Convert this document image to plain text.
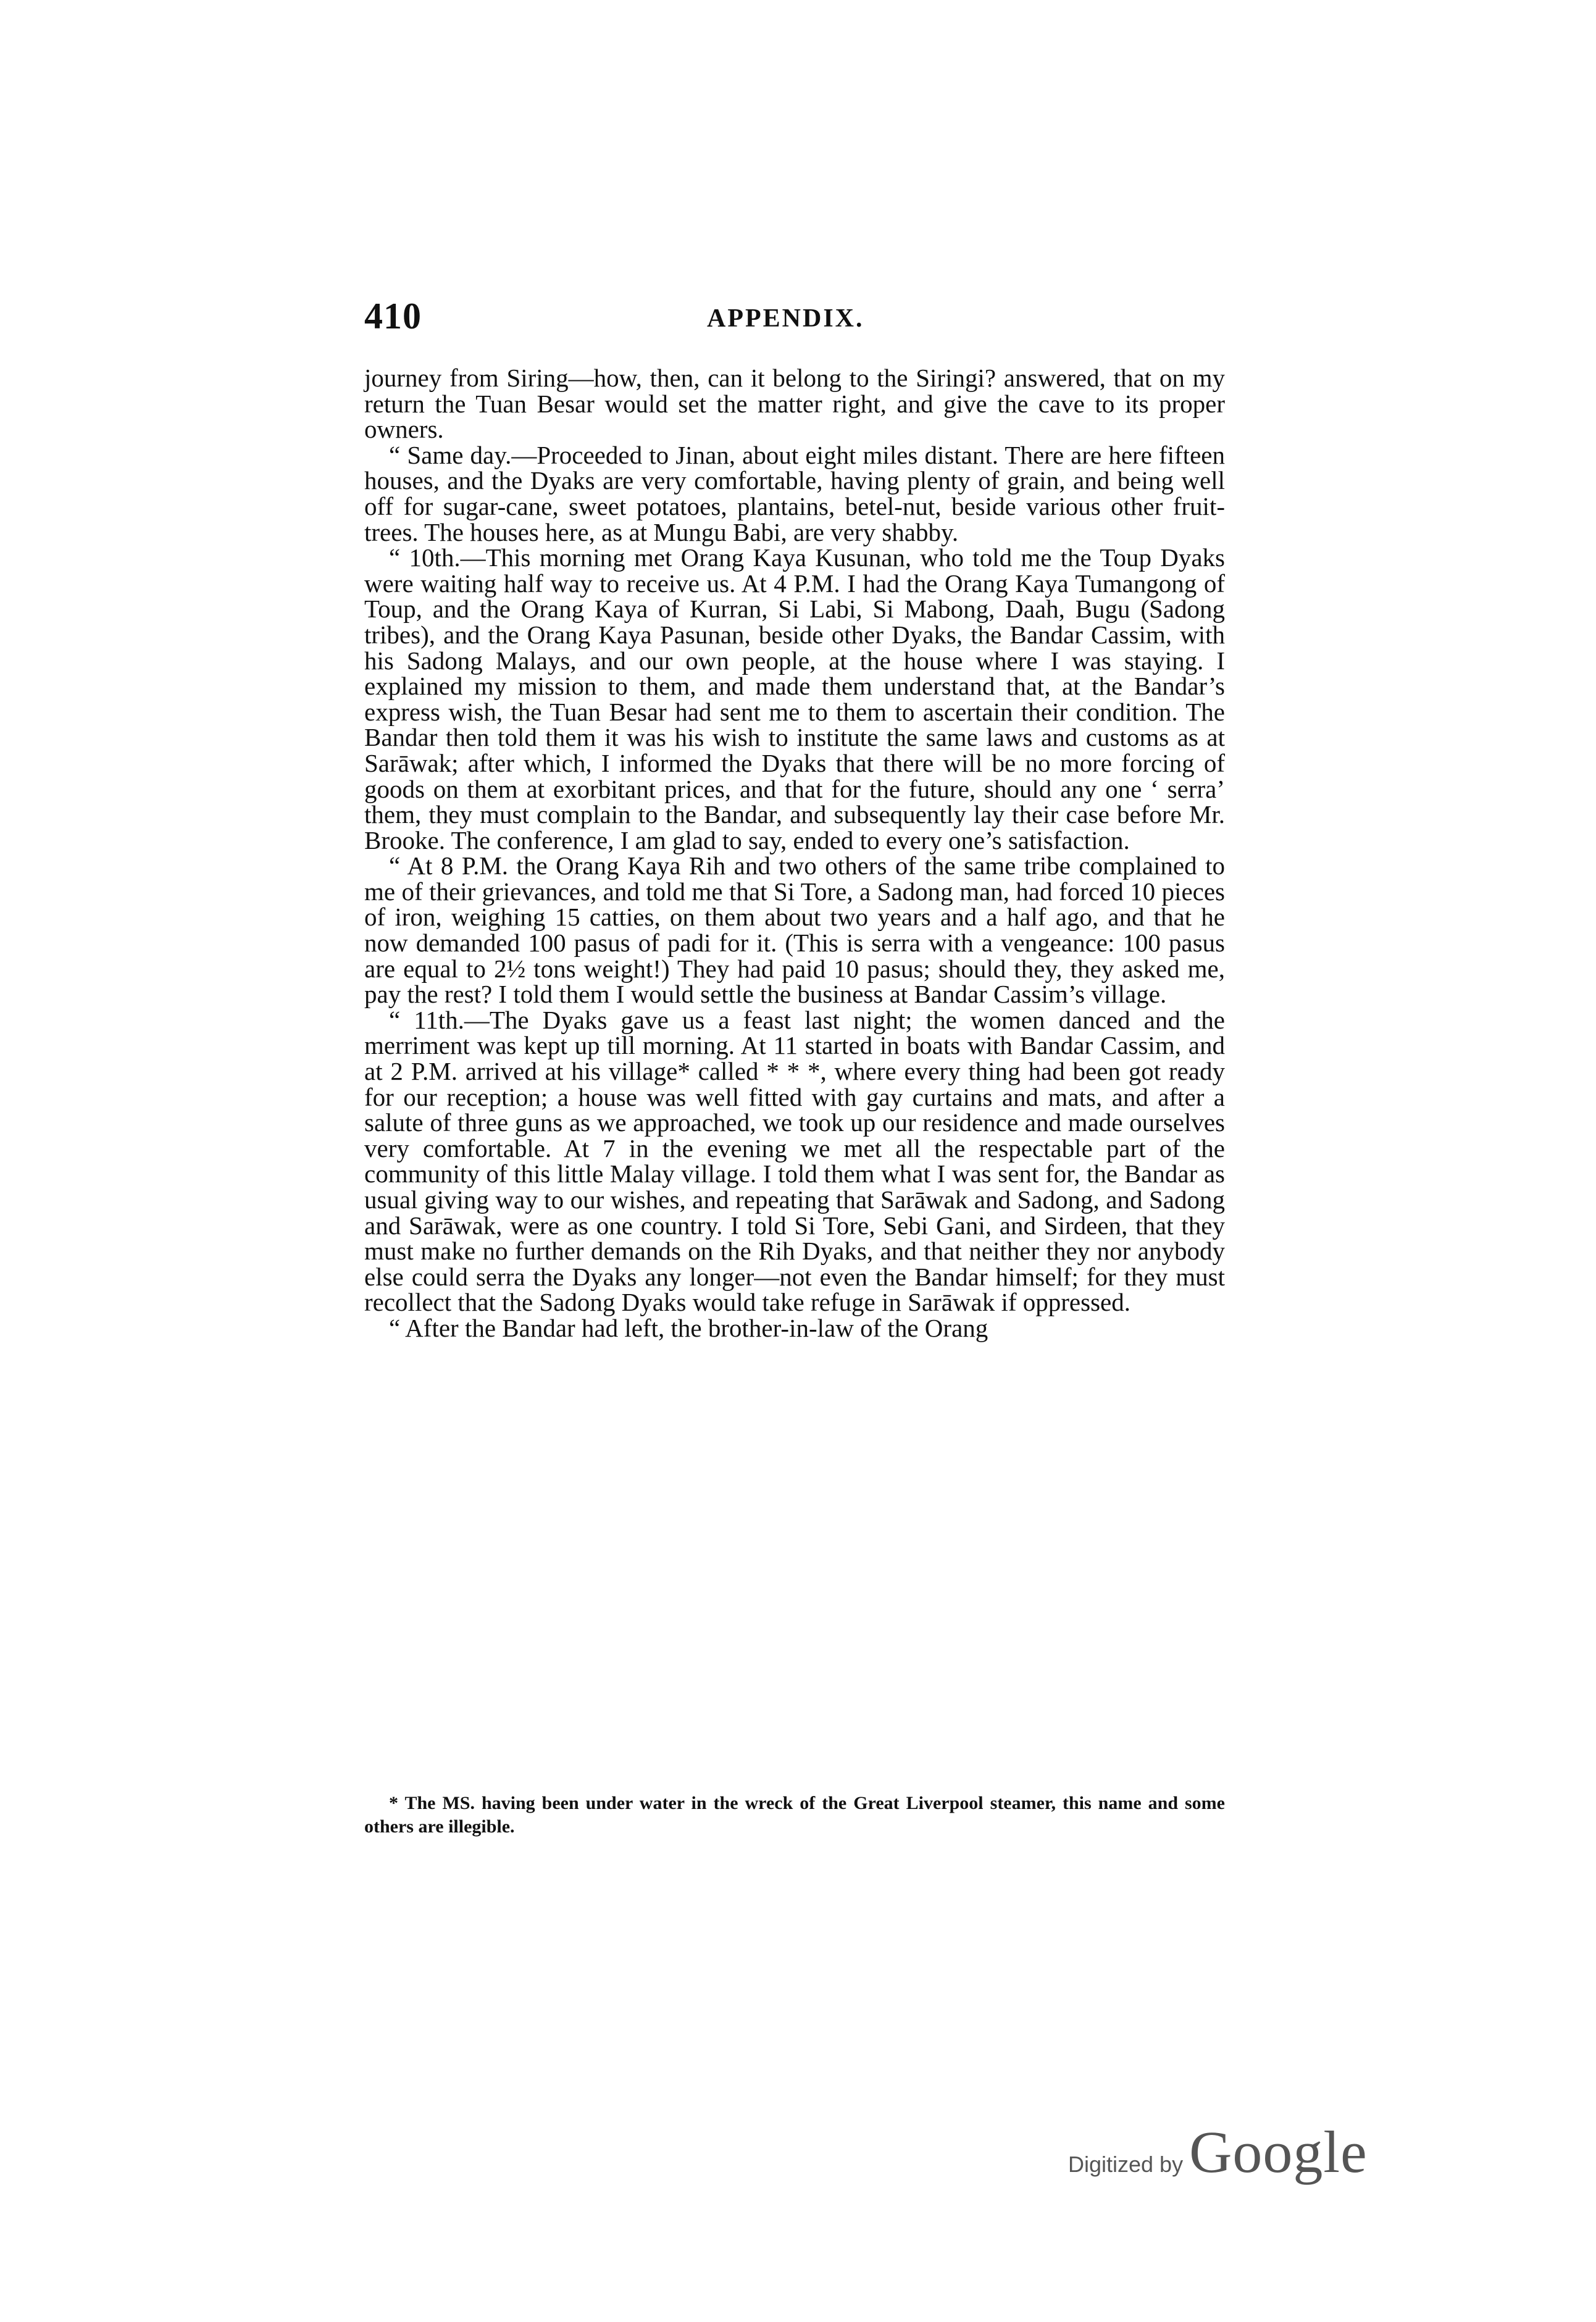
410	APPENDIX.

journey from Siring—how, then, can it belong to the Siringi? answered, that on my return the Tuan Besar would set the matter right, and give the cave to its proper owners.

“ Same day.—Proceeded to Jinan, about eight miles distant. There are here fifteen houses, and the Dyaks are very comfortable, having plenty of grain, and being well off for sugar-cane, sweet potatoes, plantains, betel-nut, beside various other fruit-trees. The houses here, as at Mungu Babi, are very shabby.

“ 10th.—This morning met Orang Kaya Kusunan, who told me the Toup Dyaks were waiting half way to receive us. At 4 P.M. I had the Orang Kaya Tumangong of Toup, and the Orang Kaya of Kurran, Si Labi, Si Mabong, Daah, Bugu (Sadong tribes), and the Orang Kaya Pasunan, beside other Dyaks, the Bandar Cassim, with his Sadong Malays, and our own people, at the house where I was staying. I explained my mission to them, and made them understand that, at the Bandar’s express wish, the Tuan Besar had sent me to them to ascertain their condition. The Bandar then told them it was his wish to institute the same laws and customs as at Sarāwak; after which, I informed the Dyaks that there will be no more forcing of goods on them at exorbitant prices, and that for the future, should any one ‘ serra’ them, they must complain to the Bandar, and subsequently lay their case before Mr. Brooke. The conference, I am glad to say, ended to every one’s satisfaction.

“ At 8 P.M. the Orang Kaya Rih and two others of the same tribe complained to me of their grievances, and told me that Si Tore, a Sadong man, had forced 10 pieces of iron, weighing 15 catties, on them about two years and a half ago, and that he now demanded 100 pasus of padi for it. (This is serra with a vengeance: 100 pasus are equal to 2½ tons weight!) They had paid 10 pasus; should they, they asked me, pay the rest? I told them I would settle the business at Bandar Cassim’s village.

“ 11th.—The Dyaks gave us a feast last night; the women danced and the merriment was kept up till morning. At 11 started in boats with Bandar Cassim, and at 2 P.M. arrived at his village* called * * *, where every thing had been got ready for our reception; a house was well fitted with gay curtains and mats, and after a salute of three guns as we approached, we took up our residence and made ourselves very comfortable. At 7 in the evening we met all the respectable part of the community of this little Malay village. I told them what I was sent for, the Bandar as usual giving way to our wishes, and repeating that Sarāwak and Sadong, and Sadong and Sarāwak, were as one country. I told Si Tore, Sebi Gani, and Sirdeen, that they must make no further demands on the Rih Dyaks, and that neither they nor anybody else could serra the Dyaks any longer—not even the Bandar himself; for they must recollect that the Sadong Dyaks would take refuge in Sarāwak if oppressed.

“ After the Bandar had left, the brother-in-law of the Orang

* The MS. having been under water in the wreck of the Great Liverpool steamer, this name and some others are illegible.

Digitized by Google
